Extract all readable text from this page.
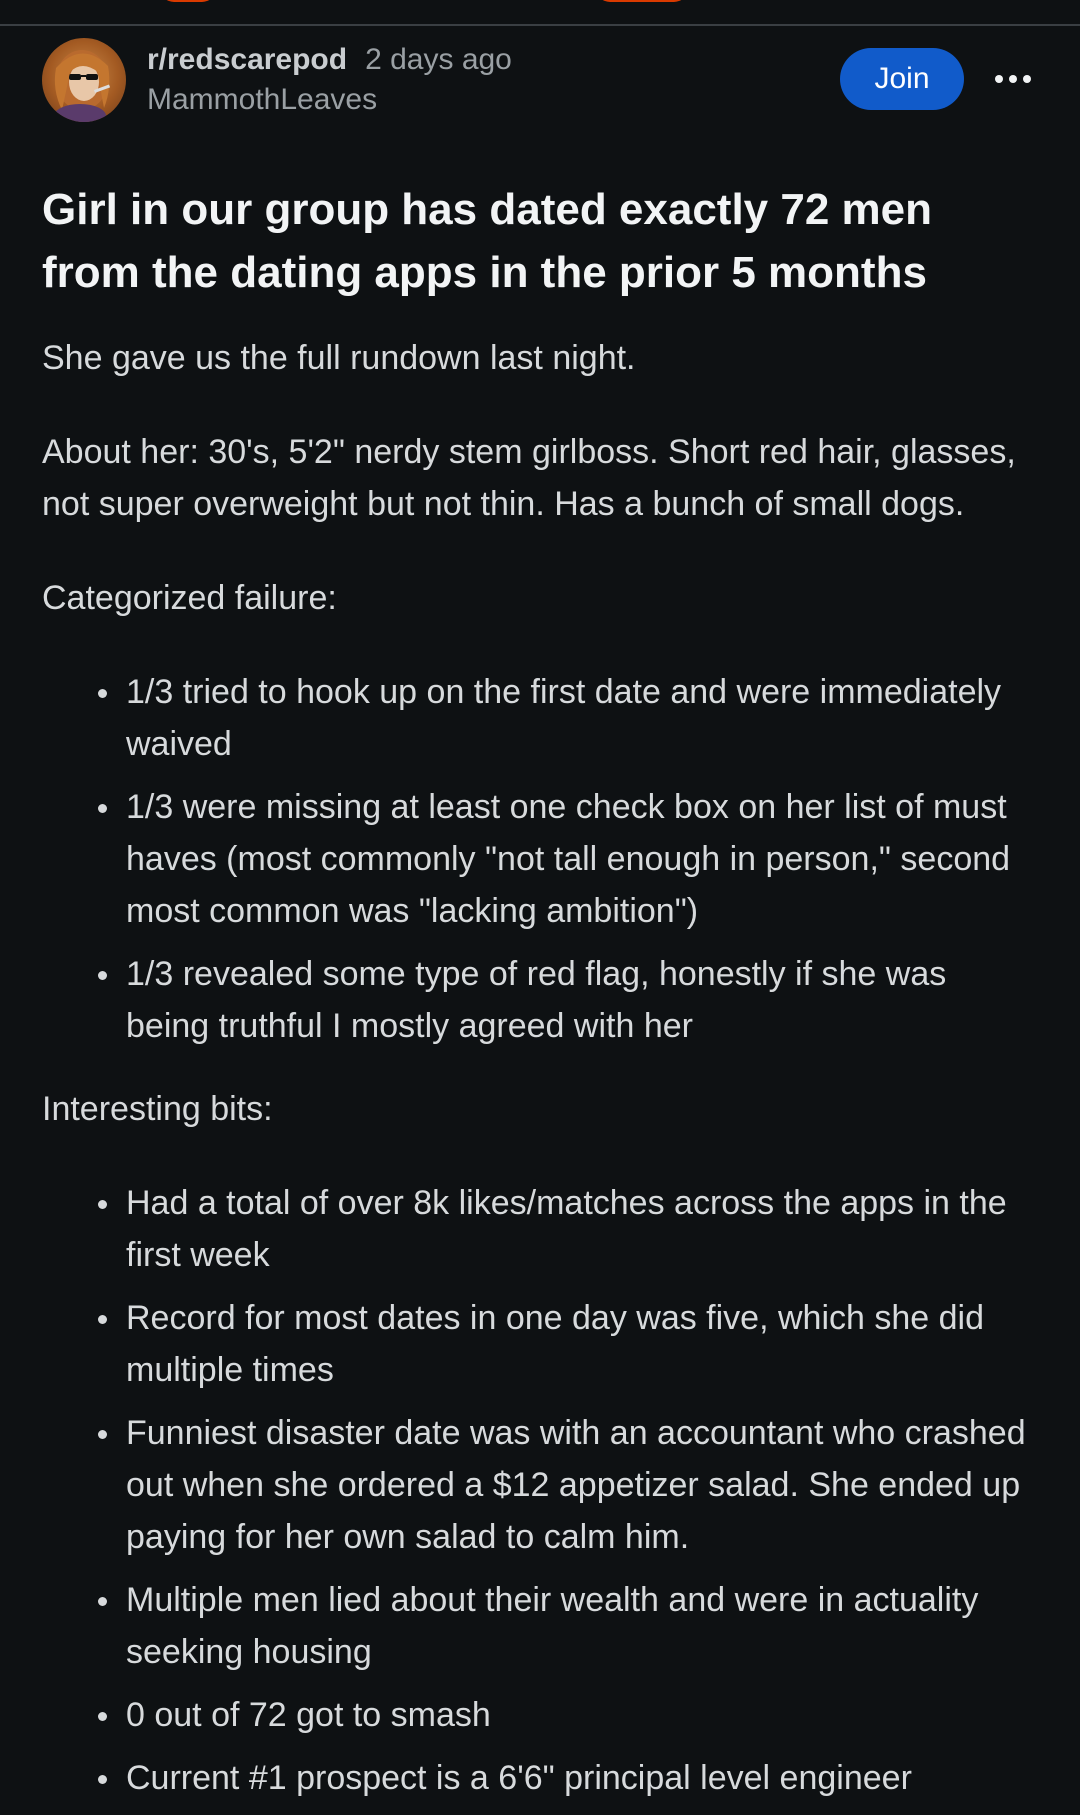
r/redscarepod 2 days ago
MammothLeaves
Join
Girl in our group has dated exactly 72 men from the dating apps in the prior 5 months

She gave us the full rundown last night.

About her: 30's, 5'2" nerdy stem girlboss. Short red hair, glasses, not super overweight but not thin. Has a bunch of small dogs.

Categorized failure:

1/3 tried to hook up on the first date and were immediately waived
1/3 were missing at least one check box on her list of must haves (most commonly "not tall enough in person," second most common was "lacking ambition")
1/3 revealed some type of red flag, honestly if she was being truthful I mostly agreed with her

Interesting bits:

Had a total of over 8k likes/matches across the apps in the first week
Record for most dates in one day was five, which she did multiple times
Funniest disaster date was with an accountant who crashed out when she ordered a $12 appetizer salad. She ended up paying for her own salad to calm him.
Multiple men lied about their wealth and were in actuality seeking housing
0 out of 72 got to smash
Current #1 prospect is a 6'6" principal level engineer
